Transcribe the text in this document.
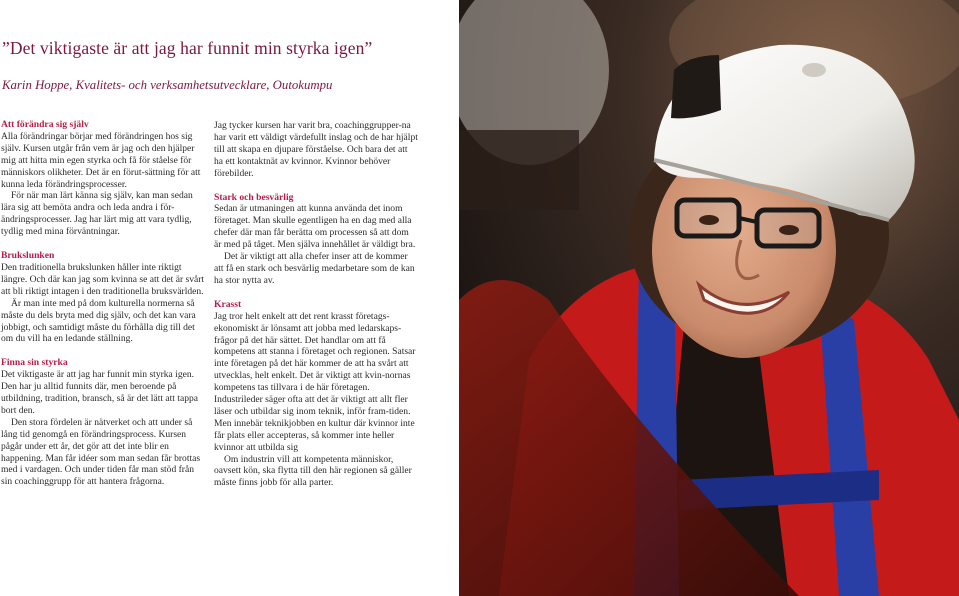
”Det viktigaste är att jag har funnit min styrka igen”

Karin Hoppe, Kvalitets- och verksamhetsutvecklare, Outokumpu

Att förändra sig själv
Alla förändringar börjar med förändringen hos sig själv. Kursen utgår från vem är jag och den hjälper mig att hitta min egen styrka och få för ståelse för människors olikheter. Det är en förut-sättning för att kunna leda förändringsprocesser.
För när man lärt känna sig själv, kan man sedan lära sig att bemöta andra och leda andra i för-ändringsprocesser. Jag har lärt mig att vara tydlig, tydlig med mina förväntningar.
Brukslunken
Den traditionella brukslunken håller inte riktigt längre. Och där kan jag som kvinna se att det är svårt att bli riktigt intagen i den traditionella bruksvärlden.
Är man inte med på dom kulturella normerna så måste du dels bryta med dig själv, och det kan vara jobbigt, och samtidigt måste du förhålla dig till det om du vill ha en ledande ställning.
Finna sin styrka
Det viktigaste är att jag har funnit min styrka igen. Den har ju alltid funnits där, men beroende på utbildning, tradition, bransch, så är det lätt att tappa bort den.
Den stora fördelen är nätverket och att under så lång tid genomgå en förändringsprocess. Kursen pågår under ett år, det gör att det inte blir en happening. Man får idéer som man sedan får brottas med i vardagen. Och under tiden får man stöd från sin coachinggrupp för att hantera frågorna.
Jag tycker kursen har varit bra, coachinggrupper-na har varit ett väldigt värdefullt inslag och de har hjälpt till att skapa en djupare förståelse. Och bara det att ha ett kontaktnät av kvinnor. Kvinnor behöver förebilder.
Stark och besvärlig
Sedan är utmaningen att kunna använda det inom företaget. Man skulle egentligen ha en dag med alla chefer där man får berätta om processen så att dom är med på tåget. Men själva innehållet är väldigt bra.
Det är viktigt att alla chefer inser att de kommer att få en stark och besvärlig medarbetare som de kan ha stor nytta av.
Krasst
Jag tror helt enkelt att det rent krasst företags-ekonomiskt är lönsamt att jobba med ledarskaps-frågor på det här sättet. Det handlar om att få kompetens att stanna i företaget och regionen. Satsar inte företagen på det här kommer de att ha svårt att utvecklas, helt enkelt. Det är viktigt att kvin-nornas kompetens tas tillvara i de här företagen. Industrileder säger ofta att det är viktigt att allt fler läser och utbildar sig inom teknik, inför fram-tiden. Men innebär teknikjobben en kultur där kvinnor inte får plats eller accepteras, så kommer inte heller kvinnor att utbilda sig
Om industrin vill att kompetenta människor, oavsett kön, ska flytta till den här regionen så gäller måste finns jobb för alla parter.
